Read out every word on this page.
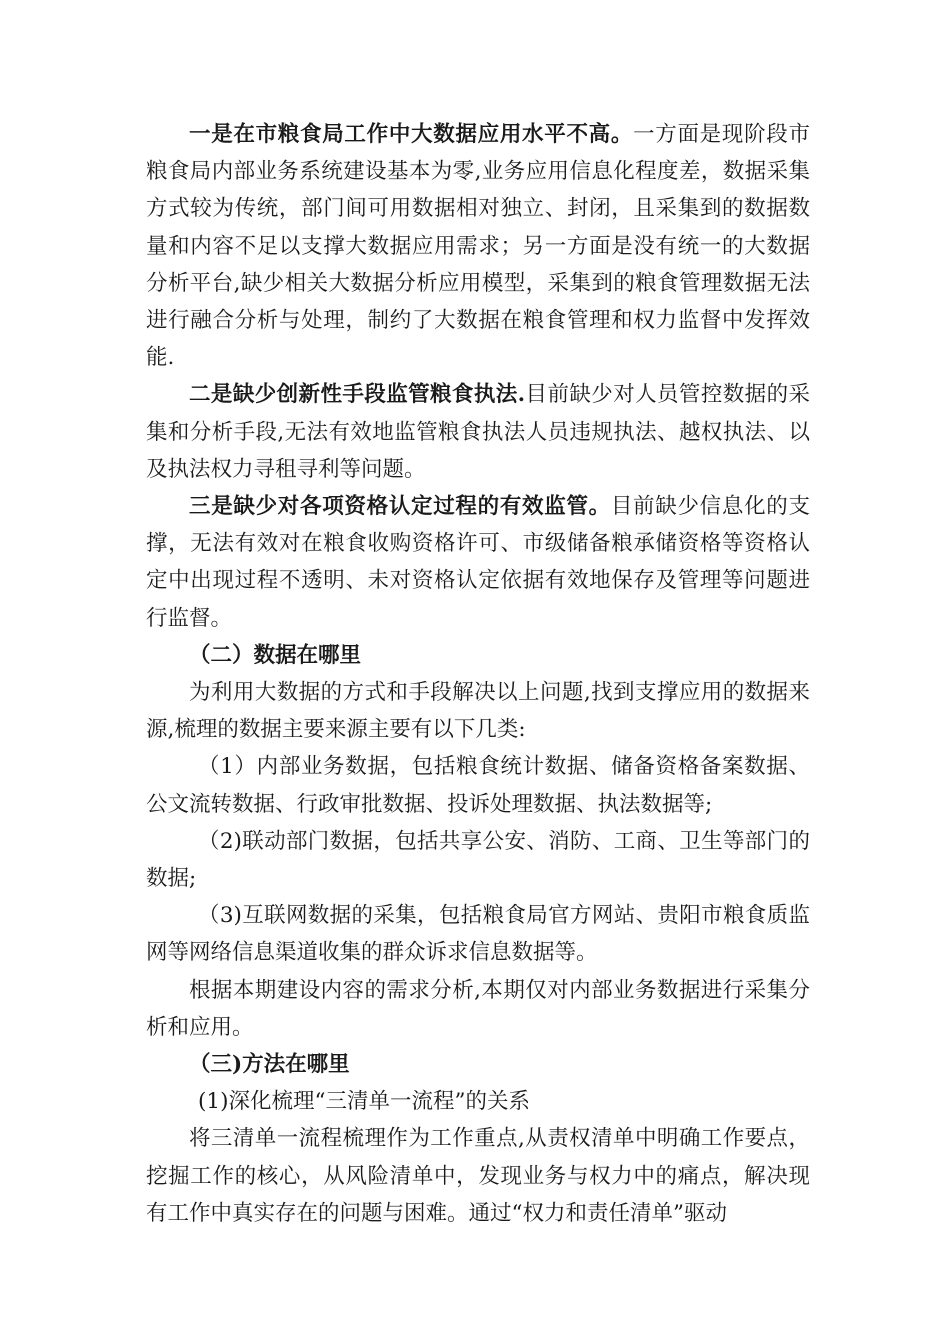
一是在市粮食局工作中大数据应用水平不高。一方面是现阶段市粮食局内部业务系统建设基本为零,业务应用信息化程度差，数据采集方式较为传统，部门间可用数据相对独立、封闭，且采集到的数据数量和内容不足以支撑大数据应用需求；另一方面是没有统一的大数据分析平台,缺少相关大数据分析应用模型，采集到的粮食管理数据无法进行融合分析与处理，制约了大数据在粮食管理和权力监督中发挥效能.

二是缺少创新性手段监管粮食执法.目前缺少对人员管控数据的采集和分析手段,无法有效地监管粮食执法人员违规执法、越权执法、以及执法权力寻租寻利等问题。

三是缺少对各项资格认定过程的有效监管。目前缺少信息化的支撑，无法有效对在粮食收购资格许可、市级储备粮承储资格等资格认定中出现过程不透明、未对资格认定依据有效地保存及管理等问题进行监督。

（二）数据在哪里

为利用大数据的方式和手段解决以上问题,找到支撑应用的数据来源,梳理的数据主要来源主要有以下几类:

（1）内部业务数据，包括粮食统计数据、储备资格备案数据、公文流转数据、行政审批数据、投诉处理数据、执法数据等;

（2)联动部门数据，包括共享公安、消防、工商、卫生等部门的数据;

（3)互联网数据的采集，包括粮食局官方网站、贵阳市粮食质监网等网络信息渠道收集的群众诉求信息数据等。

根据本期建设内容的需求分析,本期仅对内部业务数据进行采集分析和应用。

（三)方法在哪里

(1)深化梳理“三清单一流程”的关系

将三清单一流程梳理作为工作重点,从责权清单中明确工作要点，挖掘工作的核心，从风险清单中，发现业务与权力中的痛点，解决现有工作中真实存在的问题与困难。通过“权力和责任清单”驱动
